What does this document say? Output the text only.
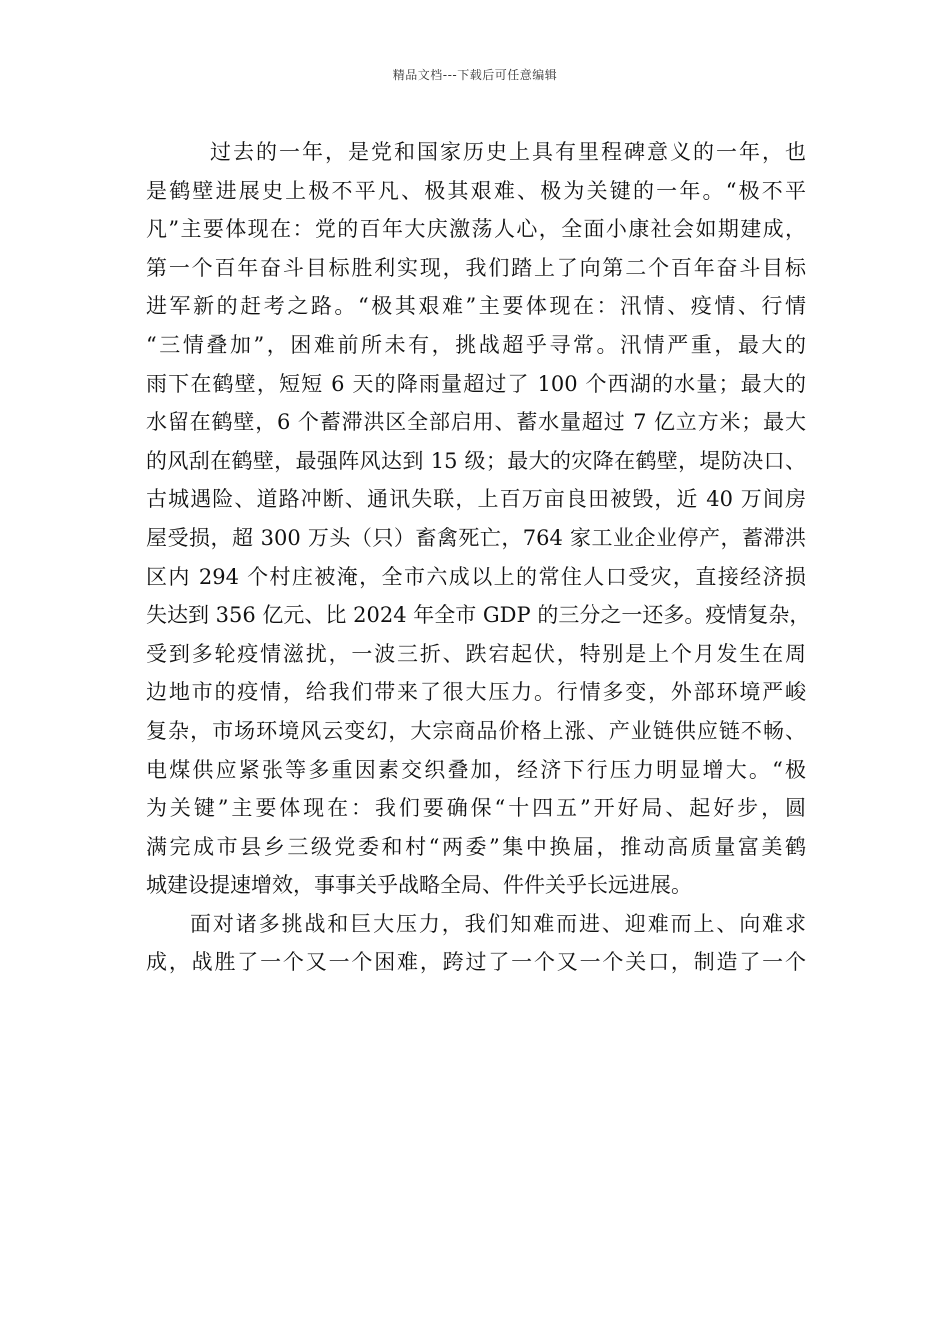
精品文档---下载后可任意编辑
过去的一年，是党和国家历史上具有里程碑意义的一年，也
是鹤壁进展史上极不平凡、极其艰难、极为关键的一年。“极不平
凡”主要体现在：党的百年大庆激荡人心，全面小康社会如期建成，
第一个百年奋斗目标胜利实现，我们踏上了向第二个百年奋斗目标
进军新的赶考之路。“极其艰难”主要体现在：汛情、疫情、行情
“三情叠加”，困难前所未有，挑战超乎寻常。汛情严重，最大的
雨下在鹤壁，短短 6 天的降雨量超过了 100 个西湖的水量；最大的
水留在鹤壁，6 个蓄滞洪区全部启用、蓄水量超过 7 亿立方米；最大
的风刮在鹤壁，最强阵风达到 15 级；最大的灾降在鹤壁，堤防决口、
古城遇险、道路冲断、通讯失联，上百万亩良田被毁，近 40 万间房
屋受损，超 300 万头（只）畜禽死亡，764 家工业企业停产，蓄滞洪
区内 294 个村庄被淹，全市六成以上的常住人口受灾，直接经济损
失达到 356 亿元、比 2024 年全市 GDP 的三分之一还多。疫情复杂，
受到多轮疫情滋扰，一波三折、跌宕起伏，特别是上个月发生在周
边地市的疫情，给我们带来了很大压力。行情多变，外部环境严峻
复杂，市场环境风云变幻，大宗商品价格上涨、产业链供应链不畅、
电煤供应紧张等多重因素交织叠加，经济下行压力明显增大。“极
为关键”主要体现在：我们要确保“十四五”开好局、起好步，圆
满完成市县乡三级党委和村“两委”集中换届，推动高质量富美鹤
城建设提速增效，事事关乎战略全局、件件关乎长远进展。
面对诸多挑战和巨大压力，我们知难而进、迎难而上、向难求
成，战胜了一个又一个困难，跨过了一个又一个关口，制造了一个
